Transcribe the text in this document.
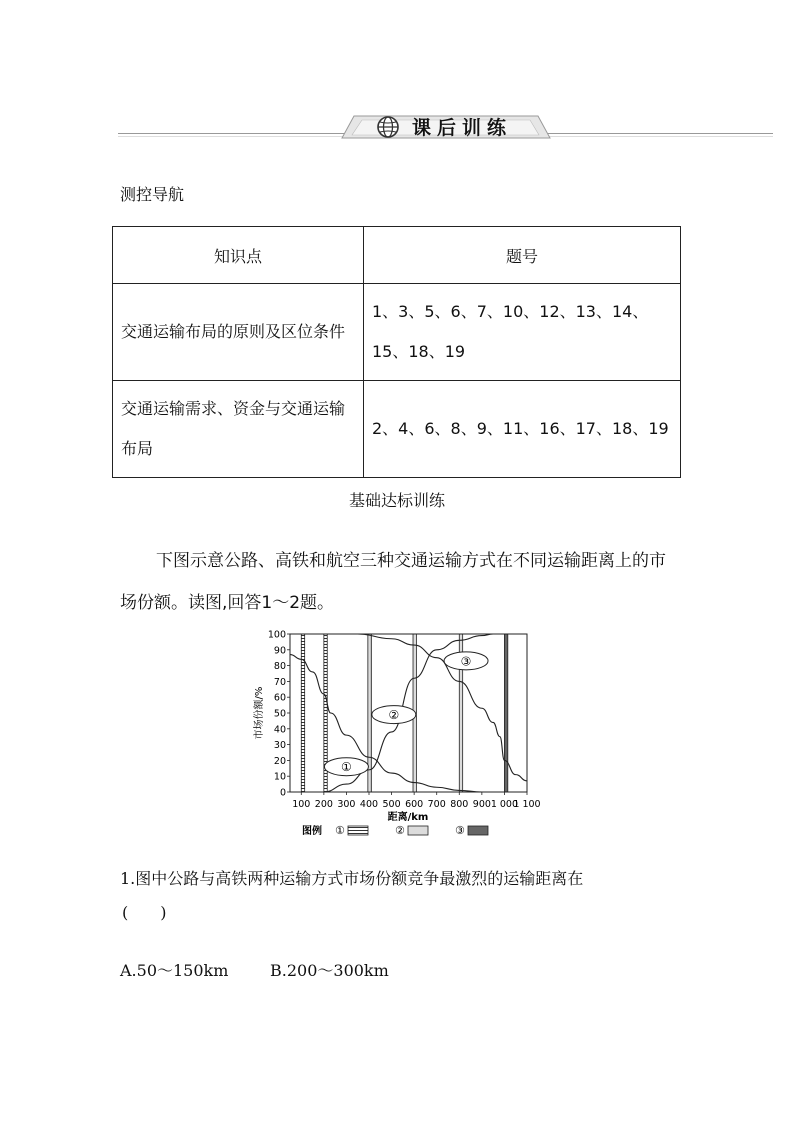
课后训练
测控导航
知识点	题号
交通运输布局的原则及区位条件	1、3、5、6、7、10、12、13、14、15、18、19
交通运输需求、资金与交通运输布局	2、4、6、8、9、11、16、17、18、19
基础达标训练
下图示意公路、高铁和航空三种交通运输方式在不同运输距离上的市场份额。读图,回答1～2题。
0
10
20
30
40
50
60
70
80
90
100
100 200 300 400 500 600 700 800 900 1 000
1 100
①
②
③
市场份额/%
距离/km
图例 ①	②	③
1.图中公路与高铁两种运输方式市场份额竞争最激烈的运输距离在
(　　)
A.50～150km	B.200～300km
